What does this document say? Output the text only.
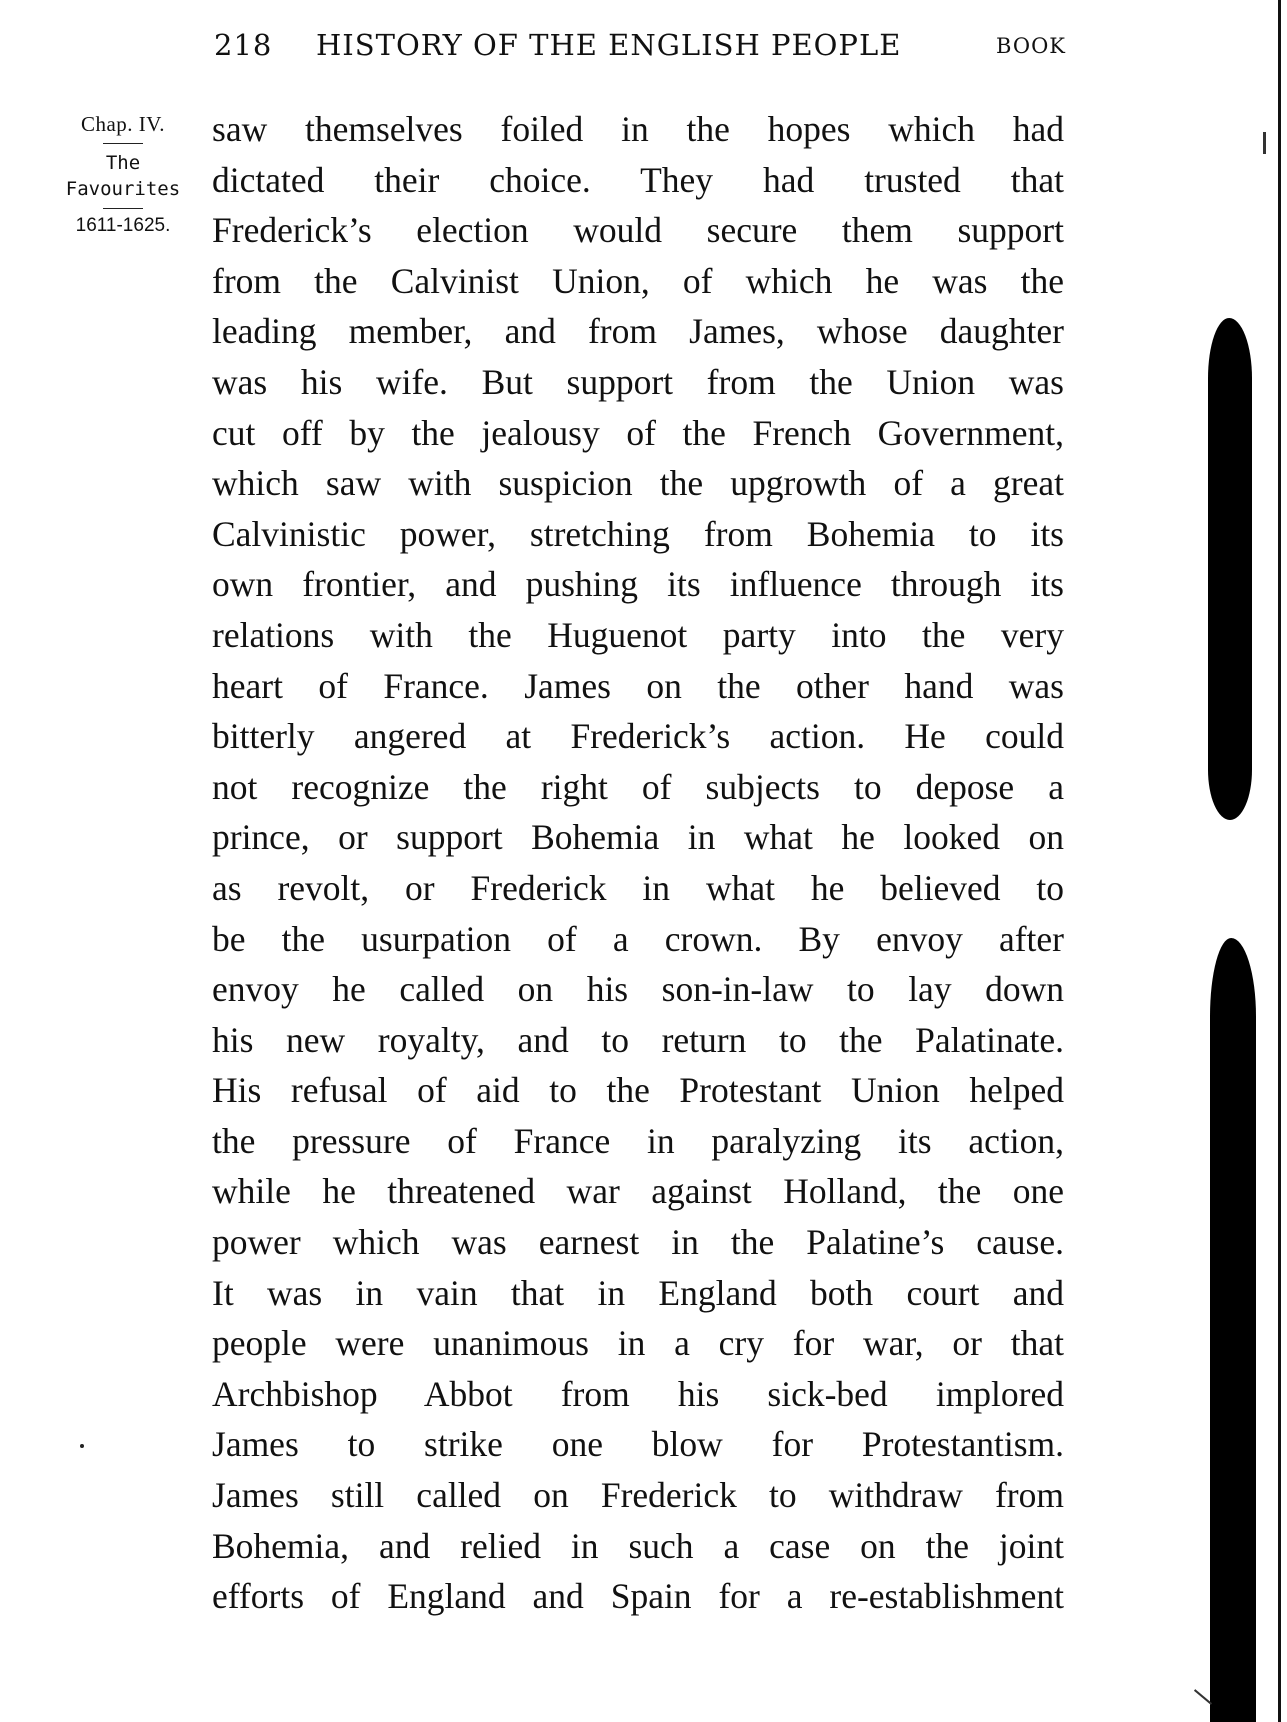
218 HISTORY OF THE ENGLISH PEOPLE	BOOK
Chap. IV.
The
Favourites
1611-1625.
saw themselves foiled in the hopes which had
dictated their choice. They had trusted that
Frederick’s election would secure them support
from the Calvinist Union, of which he was the
leading member, and from James, whose daughter
was his wife. But support from the Union was
cut off by the jealousy of the French Government,
which saw with suspicion the upgrowth of a great
Calvinistic power, stretching from Bohemia to its
own frontier, and pushing its influence through its
relations with the Huguenot party into the very
heart of France. James on the other hand was
bitterly angered at Frederick’s action. He could
not recognize the right of subjects to depose a
prince, or support Bohemia in what he looked on
as revolt, or Frederick in what he believed to
be the usurpation of a crown. By envoy after
envoy he called on his son-in-law to lay down
his new royalty, and to return to the Palatinate.
His refusal of aid to the Protestant Union helped
the pressure of France in paralyzing its action,
while he threatened war against Holland, the one
power which was earnest in the Palatine’s cause.
It was in vain that in England both court and
people were unanimous in a cry for war, or that
Archbishop Abbot from his sick-bed implored
James to strike one blow for Protestantism.
James still called on Frederick to withdraw from
Bohemia, and relied in such a case on the joint
efforts of England and Spain for a re-establishment
